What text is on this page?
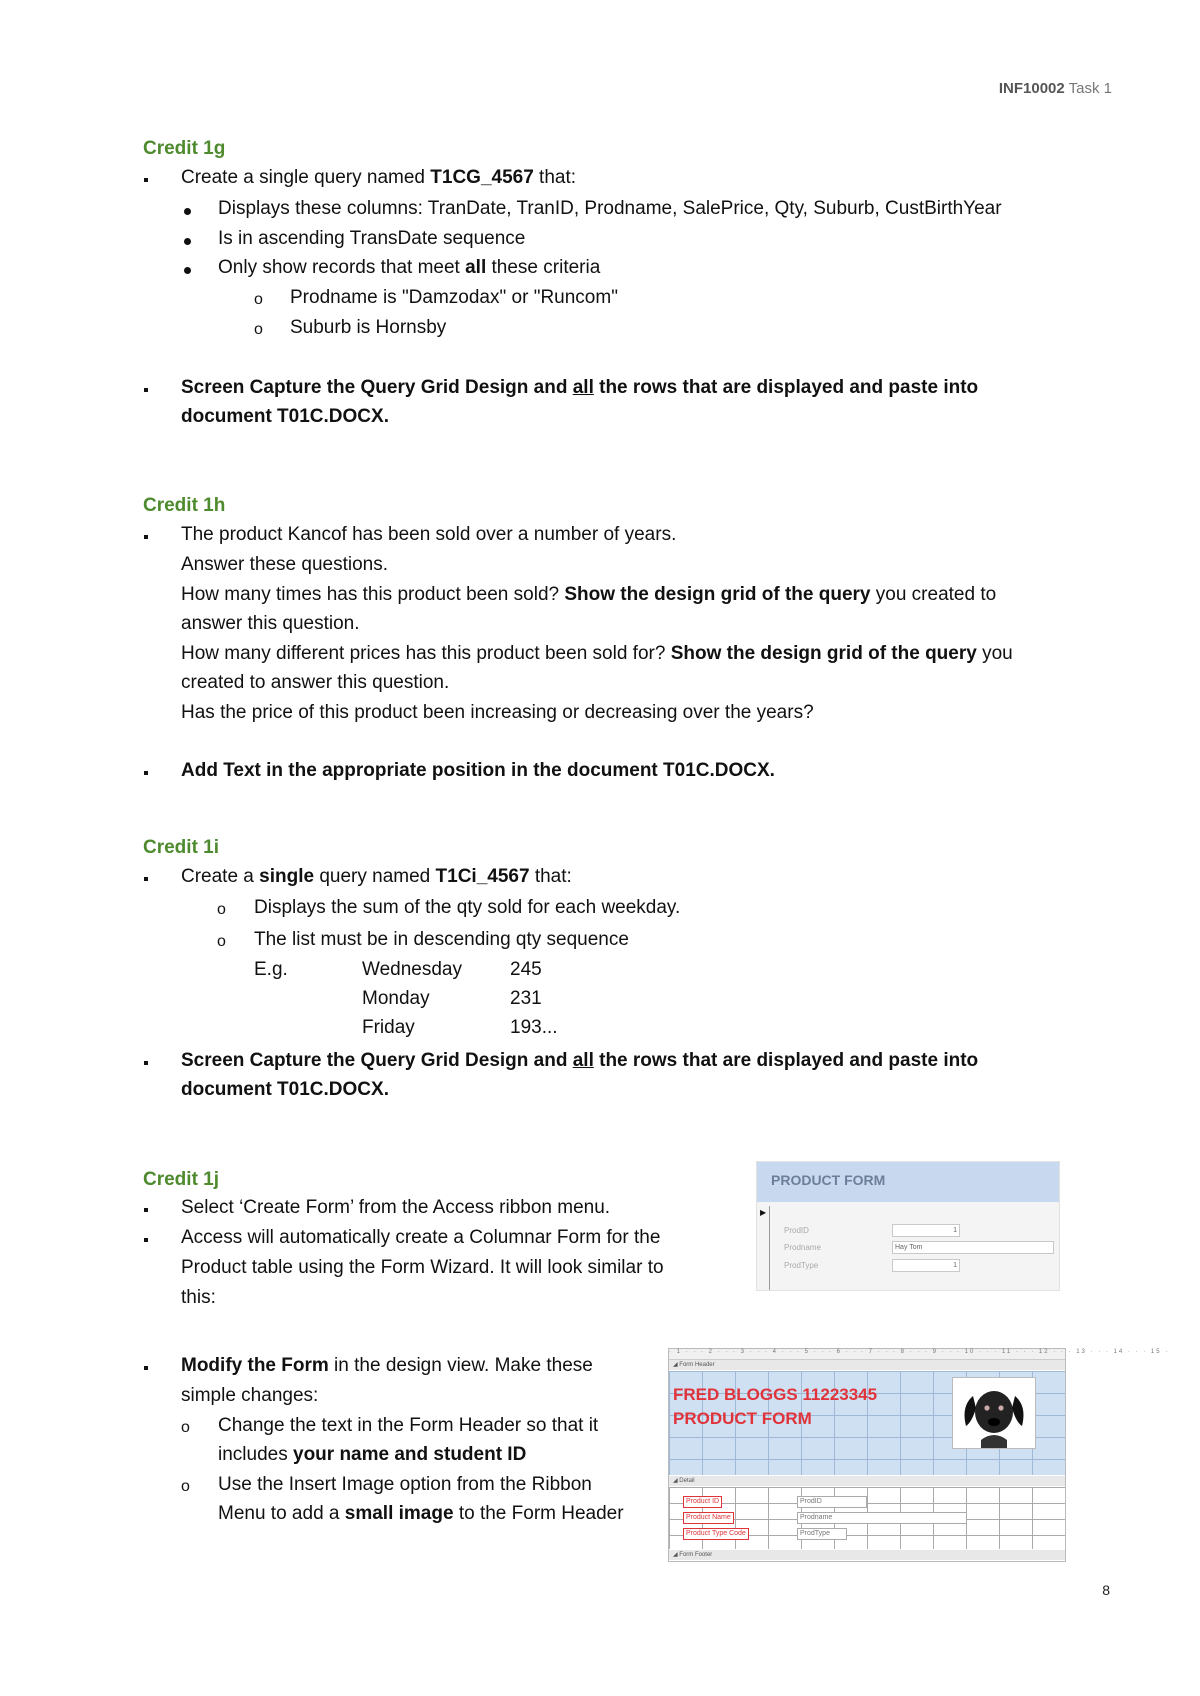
INF10002 Task 1
Credit 1g
Create a single query named T1CG_4567 that:
Displays these columns: TranDate, TranID, Prodname, SalePrice, Qty, Suburb, CustBirthYear
Is in ascending TransDate sequence
Only show records that meet all these criteria
o Prodname is "Damzodax" or "Runcom"
o Suburb is Hornsby
Screen Capture the Query Grid Design and all the rows that are displayed and paste into
document T01C.DOCX.
Credit 1h
The product Kancof has been sold over a number of years.
Answer these questions.
How many times has this product been sold? Show the design grid of the query you created to
answer this question.
How many different prices has this product been sold for? Show the design grid of the query you
created to answer this question.
Has the price of this product been increasing or decreasing over the years?
Add Text in the appropriate position in the document T01C.DOCX.
Credit 1i
Create a single query named T1Ci_4567 that:
o Displays the sum of the qty sold for each weekday.
o The list must be in descending qty sequence
E.g.	Wednesday	245
Monday	231
Friday	193...
Screen Capture the Query Grid Design and all the rows that are displayed and paste into
document T01C.DOCX.
Credit 1j
Select ‘Create Form’ from the Access ribbon menu.
Access will automatically create a Columnar Form for the
Product table using the Form Wizard. It will look similar to
this:
Modify the Form in the design view. Make these
simple changes:
o Change the text in the Form Header so that it
includes your name and student ID
o Use the Insert Image option from the Ribbon
Menu to add a small image to the Form Header
PRODUCT FORM
▶
ProdID	1
Prodname	Hay Tom
ProdType	1
· 1 · · · 2 · · · 3 · · · 4 · · · 5 · · · 6 · · · 7 · · · 8 · · · 9 · · · 10 · · · 11 · · · 12 · · · 13 · · · 14 · · · 15 ·
◢ Form Header
FRED BLOGGS 11223345
PRODUCT FORM
◢ Detail
Product ID	ProdID
Product Name	Prodname
Product Type Code	ProdType
◢ Form Footer
8
